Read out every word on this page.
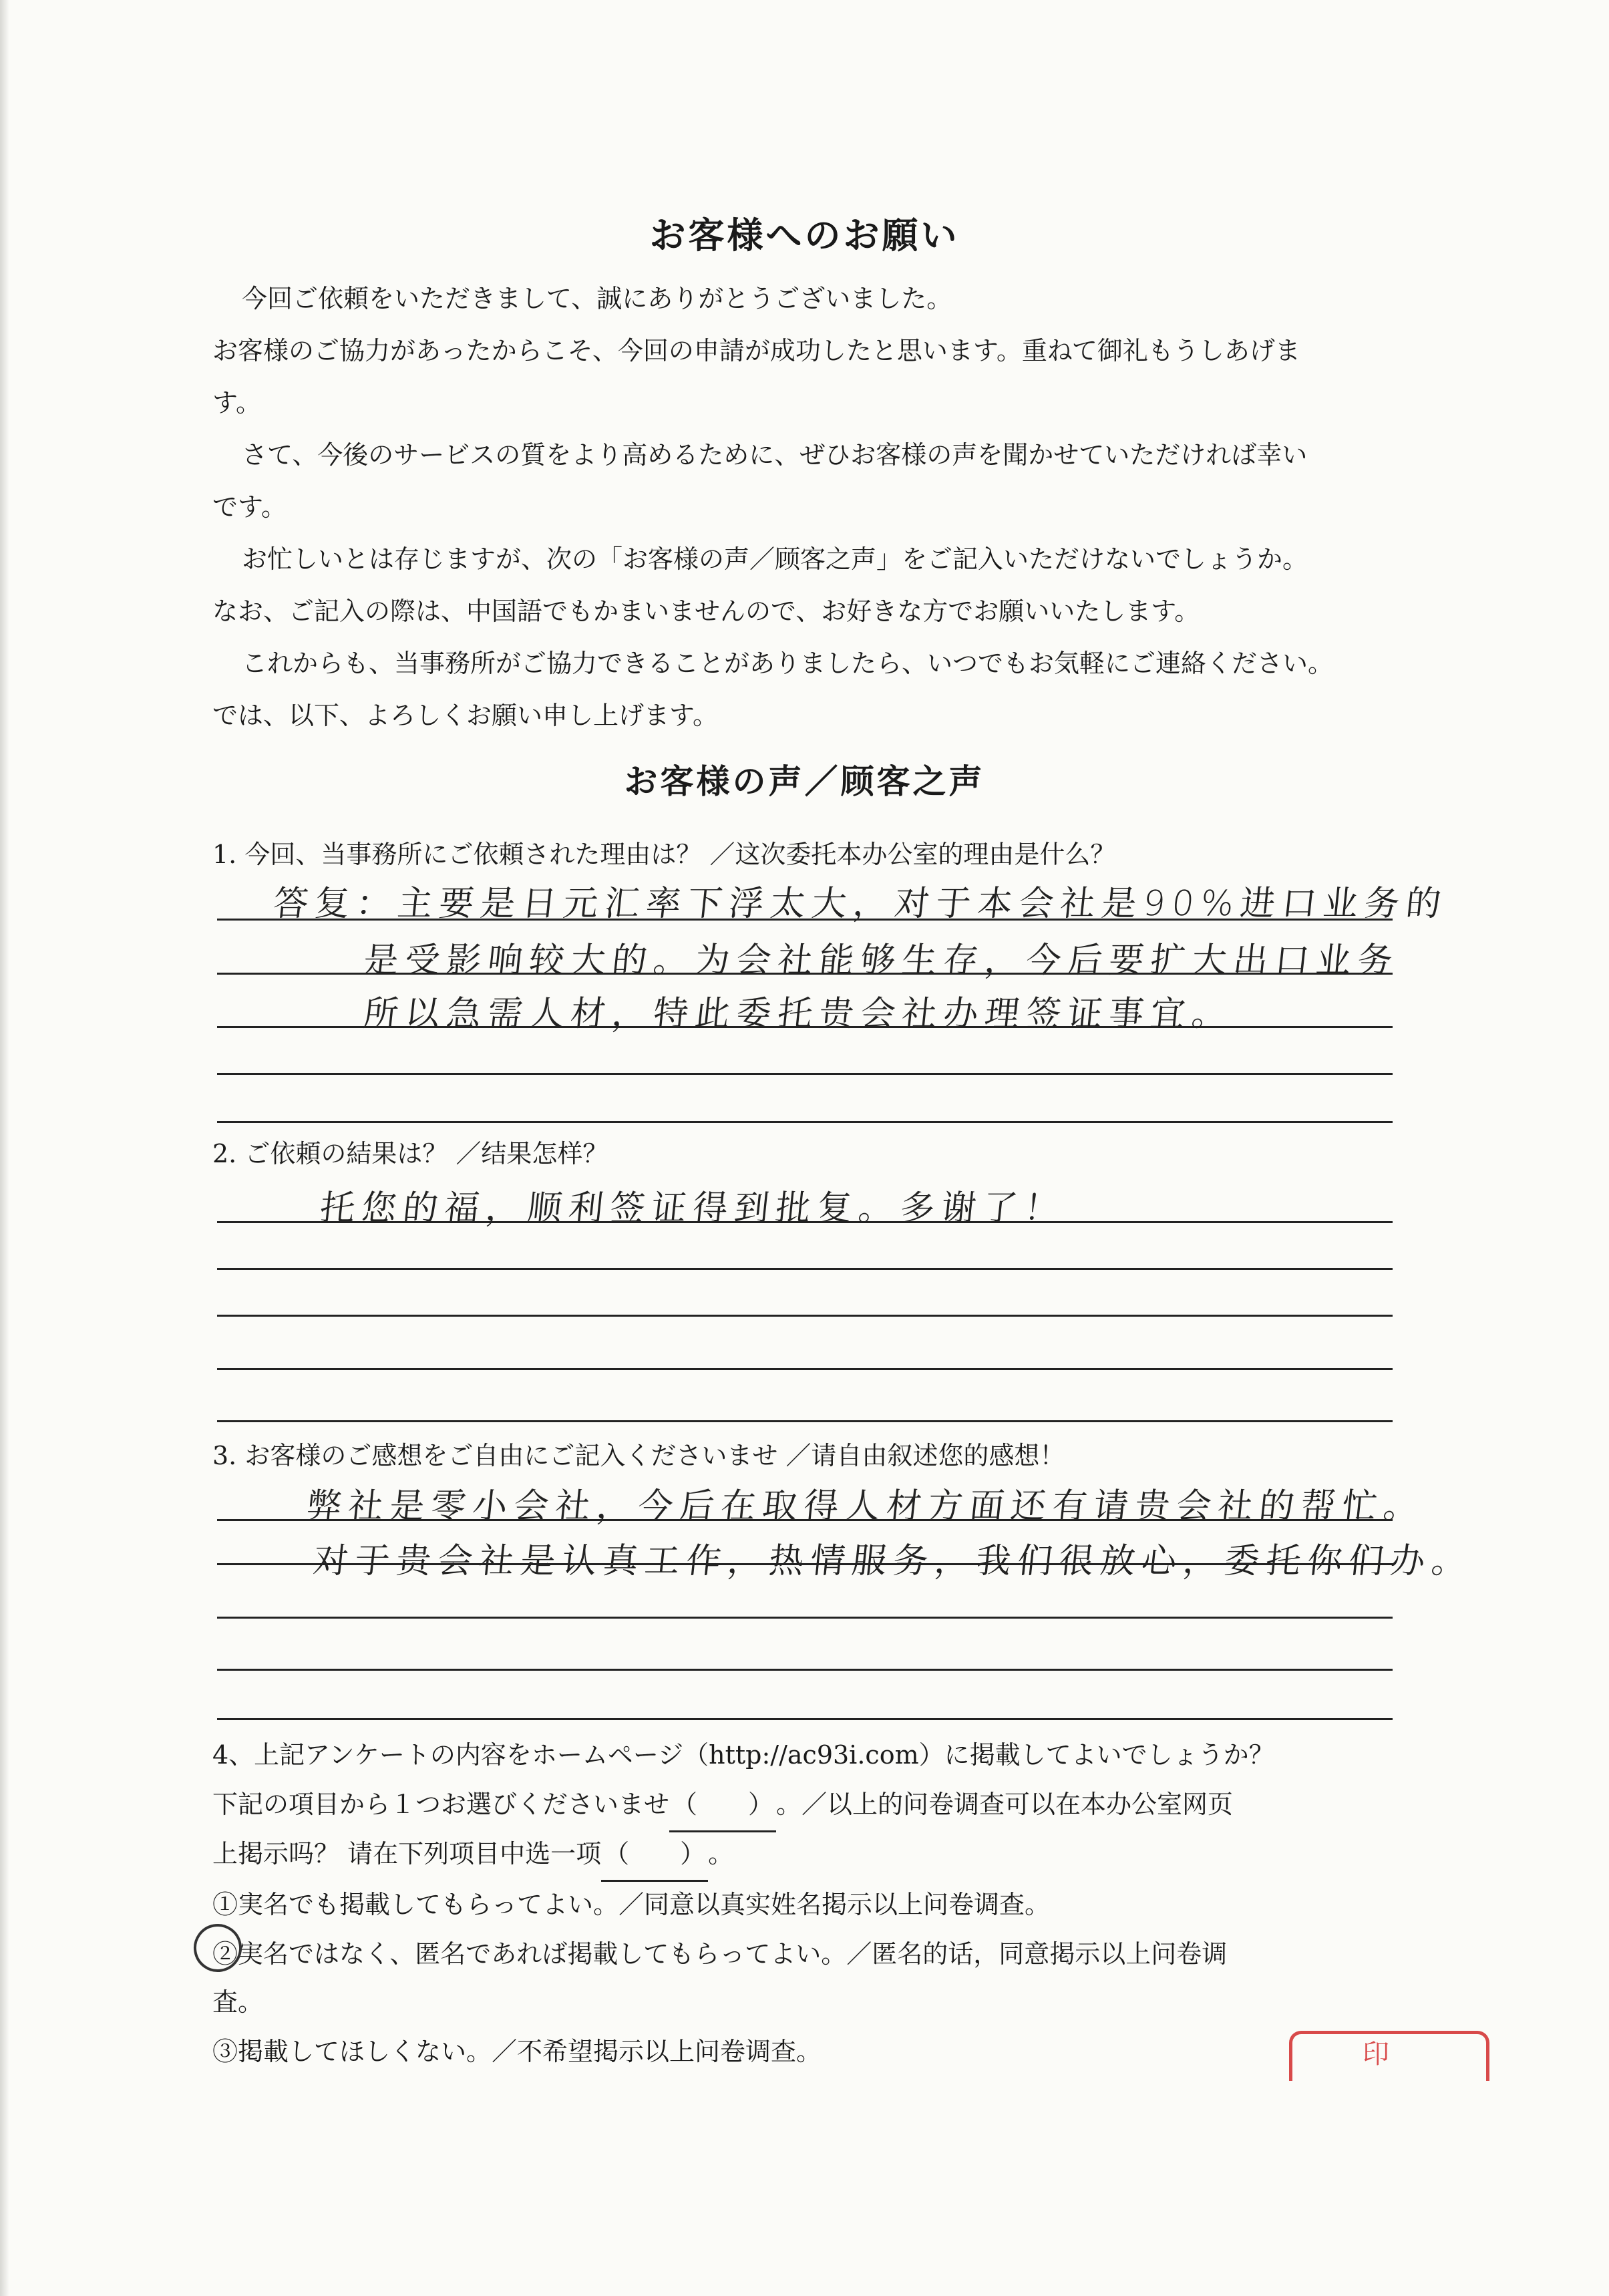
お客様へのお願い

今回ご依頼をいただきまして、誠にありがとうございました。

お客様のご協力があったからこそ、今回の申請が成功したと思います。重ねて御礼もうしあげま

す。

さて、今後のサービスの質をより高めるために、ぜひお客様の声を聞かせていただければ幸い

です。

お忙しいとは存じますが、次の「お客様の声／顾客之声」をご記入いただけないでしょうか。

なお、ご記入の際は、中国語でもかまいませんので、お好きな方でお願いいたします。

これからも、当事務所がご協力できることがありましたら、いつでもお気軽にご連絡ください。

では、以下、よろしくお願い申し上げます。

お客様の声／顾客之声
1. 今回、当事務所にご依頼された理由は？ ／这次委托本办公室的理由是什么？
答复：主要是日元汇率下浮太大，对于本会社是90%进口业务的
是受影响较大的。为会社能够生存，今后要扩大出口业务
所以急需人材，特此委托贵会社办理签证事宜。
2. ご依頼の結果は？ ／结果怎样？
托您的福，顺利签证得到批复。多谢了！
3. お客様のご感想をご自由にご記入くださいませ ／请自由叙述您的感想！
弊社是零小会社，今后在取得人材方面还有请贵会社的帮忙。
对于贵会社是认真工作，热情服务，我们很放心，委托你们办。
4、上記アンケートの内容をホームページ（http://ac93i.com）に掲載してよいでしょうか？
下記の項目から１つお選びくださいませ （　　） 。／以上的问卷调查可以在本办公室网页
上掲示吗？ 请在下列项目中选一项 （　　） 。
①実名でも掲載してもらってよい。／同意以真实姓名掲示以上问卷调查。
②実名ではなく、匿名であれば掲載してもらってよい。／匿名的话，同意掲示以上问卷调
査。
③掲載してほしくない。／不希望掲示以上问卷调查。	印
